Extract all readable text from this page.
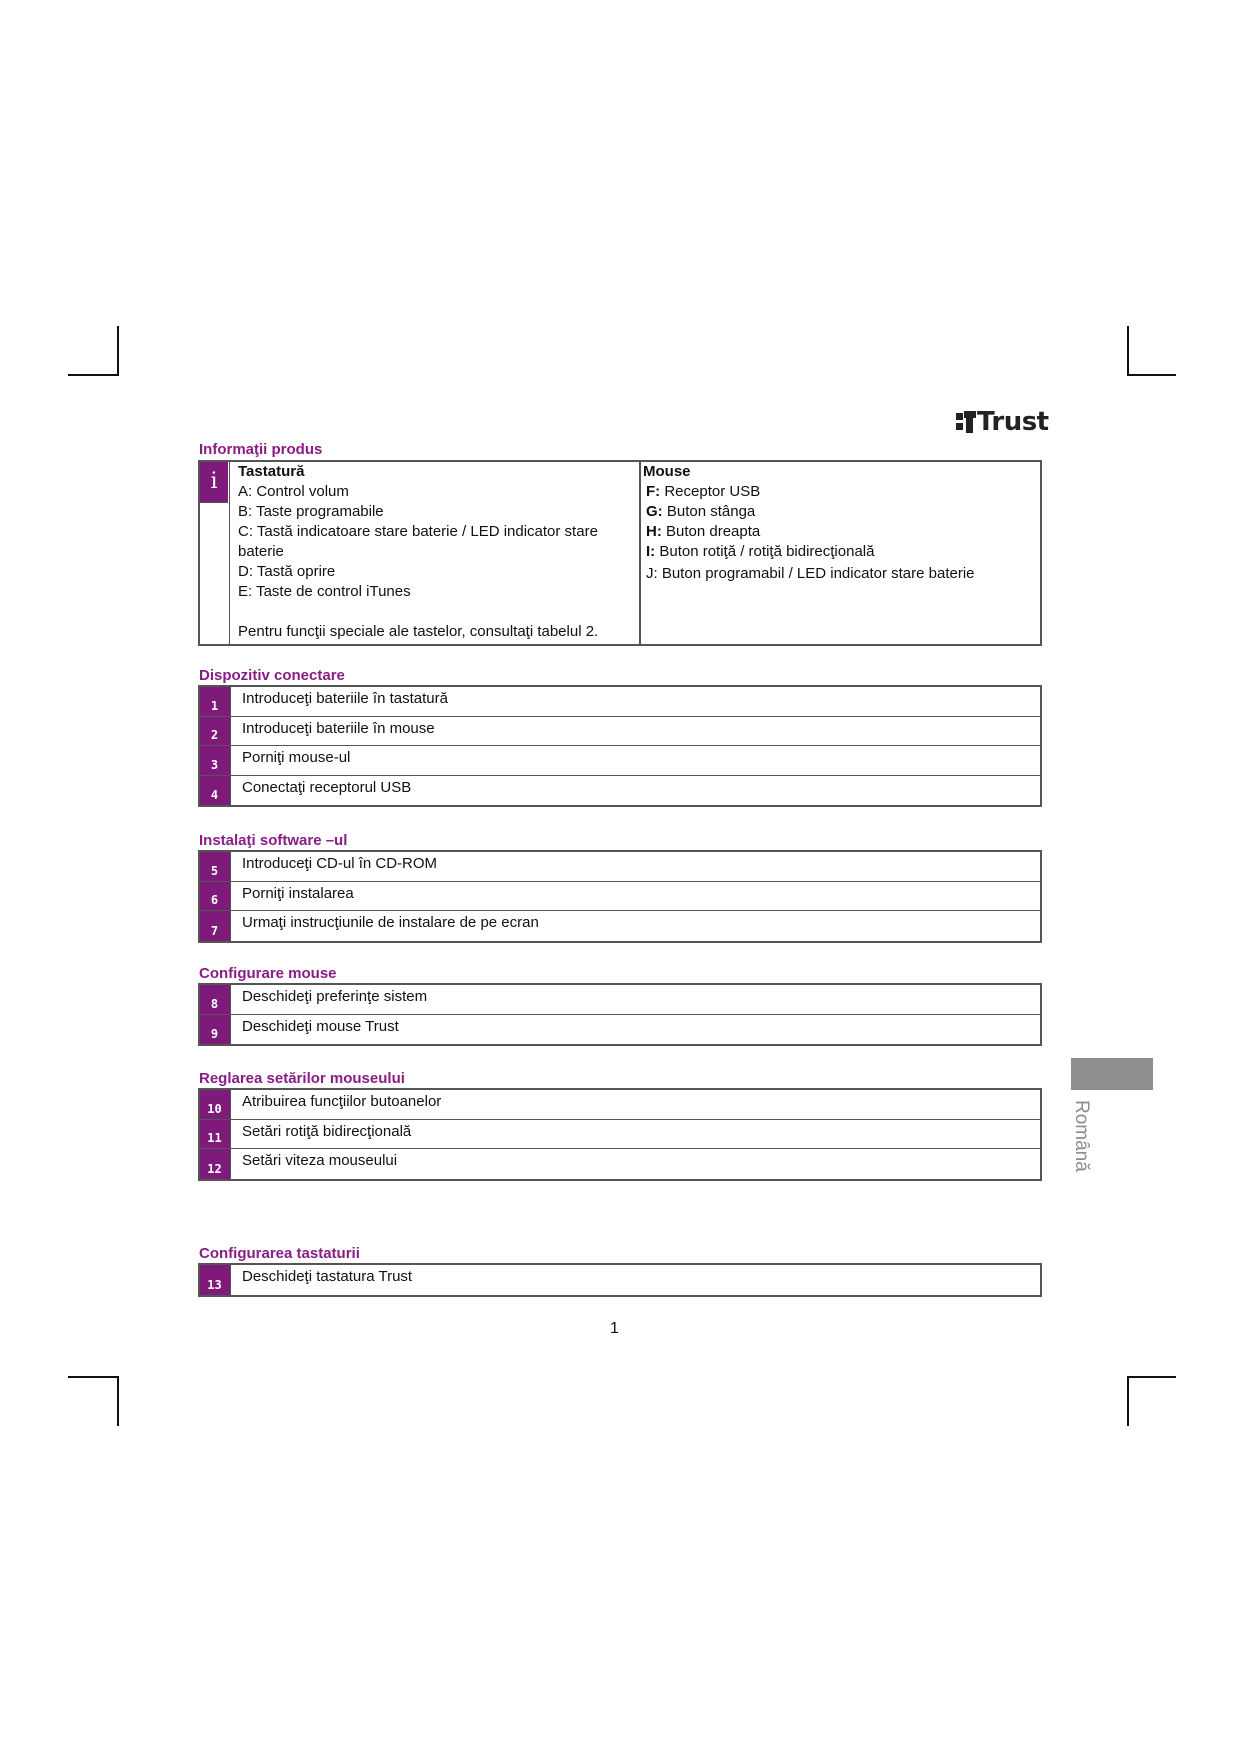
Trust
Informaţii produs
i	Tastatură
A: Control volum
B: Taste programabile
C: Tastă indicatoare stare baterie / LED indicator stare baterie
D: Tastă oprire
E: Taste de control iTunes
Pentru funcţii speciale ale tastelor, consultaţi tabelul 2.
Mouse
F: Receptor USB
G: Buton stânga
H: Buton dreapta
I: Buton rotiţă / rotiţă bidirecţională
J: Buton programabil / LED indicator stare baterie
Dispozitiv conectare
1	Introduceţi bateriile în tastatură
2	Introduceţi bateriile în mouse
3	Porniţi mouse-ul
4	Conectaţi receptorul USB
Instalaţi software –ul
5	Introduceţi CD-ul în CD-ROM
6	Porniţi instalarea
7	Urmaţi instrucţiunile de instalare de pe ecran
Configurare mouse
8	Deschideţi preferinţe sistem
9	Deschideţi mouse Trust
Reglarea setărilor mouseului
10	Atribuirea funcţiilor butoanelor
11	Setări rotiţă bidirecţională
12	Setări viteza mouseului
Configurarea tastaturii
13	Deschideţi tastatura Trust
1
Română
